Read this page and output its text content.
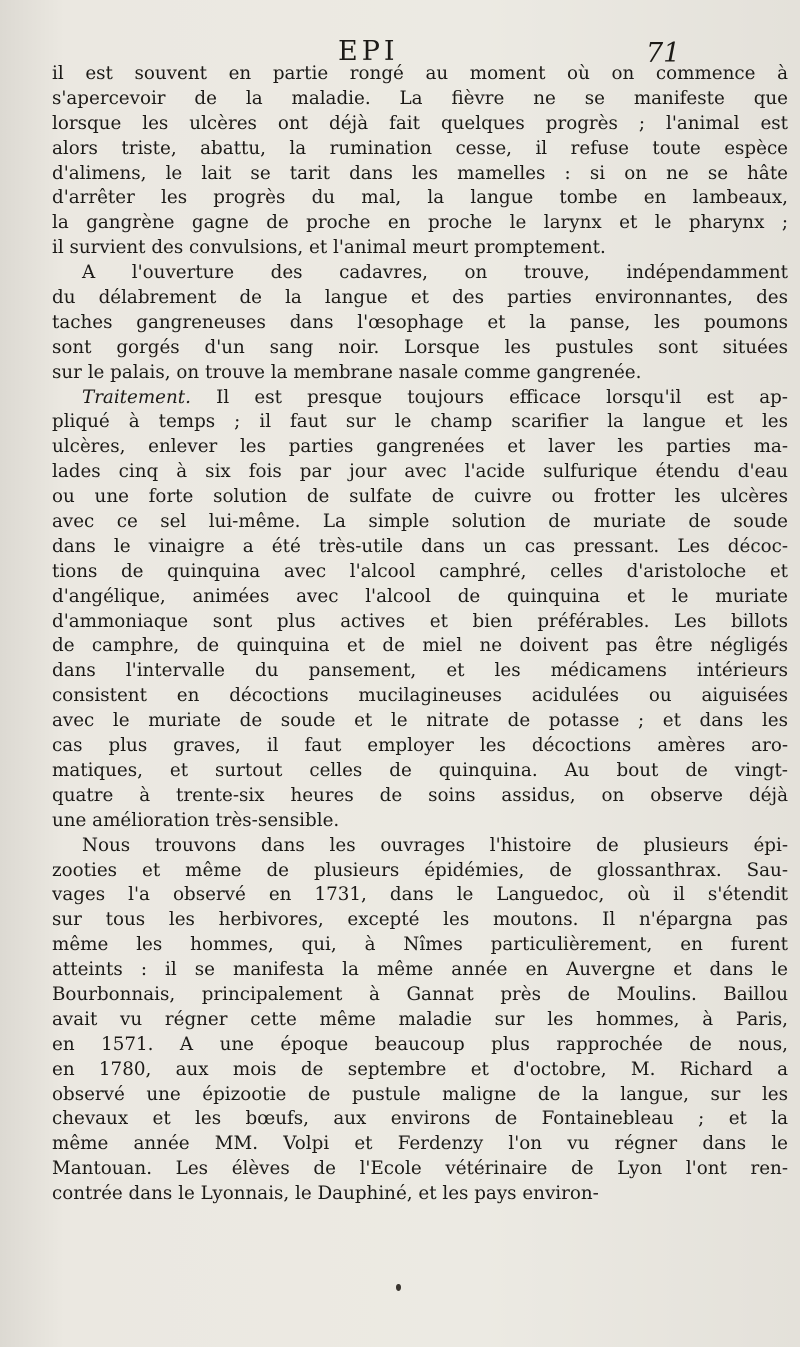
EPI	71
il est souvent en partie rongé au moment où on commence à
s'apercevoir de la maladie. La fièvre ne se manifeste que
lorsque les ulcères ont déjà fait quelques progrès ; l'animal est
alors triste, abattu, la rumination cesse, il refuse toute espèce
d'alimens, le lait se tarit dans les mamelles : si on ne se hâte
d'arrêter les progrès du mal, la langue tombe en lambeaux,
la gangrène gagne de proche en proche le larynx et le pharynx ;
il survient des convulsions, et l'animal meurt promptement.
A l'ouverture des cadavres, on trouve, indépendamment
du délabrement de la langue et des parties environnantes, des
taches gangreneuses dans l'œsophage et la panse, les poumons
sont gorgés d'un sang noir. Lorsque les pustules sont situées
sur le palais, on trouve la membrane nasale comme gangrenée.
Traitement. Il est presque toujours efficace lorsqu'il est ap-
pliqué à temps ; il faut sur le champ scarifier la langue et les
ulcères, enlever les parties gangrenées et laver les parties ma-
lades cinq à six fois par jour avec l'acide sulfurique étendu d'eau
ou une forte solution de sulfate de cuivre ou frotter les ulcères
avec ce sel lui-même. La simple solution de muriate de soude
dans le vinaigre a été très-utile dans un cas pressant. Les décoc-
tions de quinquina avec l'alcool camphré, celles d'aristoloche et
d'angélique, animées avec l'alcool de quinquina et le muriate
d'ammoniaque sont plus actives et bien préférables. Les billots
de camphre, de quinquina et de miel ne doivent pas être négligés
dans l'intervalle du pansement, et les médicamens intérieurs
consistent en décoctions mucilagineuses acidulées ou aiguisées
avec le muriate de soude et le nitrate de potasse ; et dans les
cas plus graves, il faut employer les décoctions amères aro-
matiques, et surtout celles de quinquina. Au bout de vingt-
quatre à trente-six heures de soins assidus, on observe déjà
une amélioration très-sensible.
Nous trouvons dans les ouvrages l'histoire de plusieurs épi-
zooties et même de plusieurs épidémies, de glossanthrax. Sau-
vages l'a observé en 1731, dans le Languedoc, où il s'étendit
sur tous les herbivores, excepté les moutons. Il n'épargna pas
même les hommes, qui, à Nîmes particulièrement, en furent
atteints : il se manifesta la même année en Auvergne et dans le
Bourbonnais, principalement à Gannat près de Moulins. Baillou
avait vu régner cette même maladie sur les hommes, à Paris,
en 1571. A une époque beaucoup plus rapprochée de nous,
en 1780, aux mois de septembre et d'octobre, M. Richard a
observé une épizootie de pustule maligne de la langue, sur les
chevaux et les bœufs, aux environs de Fontainebleau ; et la
même année MM. Volpi et Ferdenzy l'on vu régner dans le
Mantouan. Les élèves de l'Ecole vétérinaire de Lyon l'ont ren-
contrée dans le Lyonnais, le Dauphiné, et les pays environ-
